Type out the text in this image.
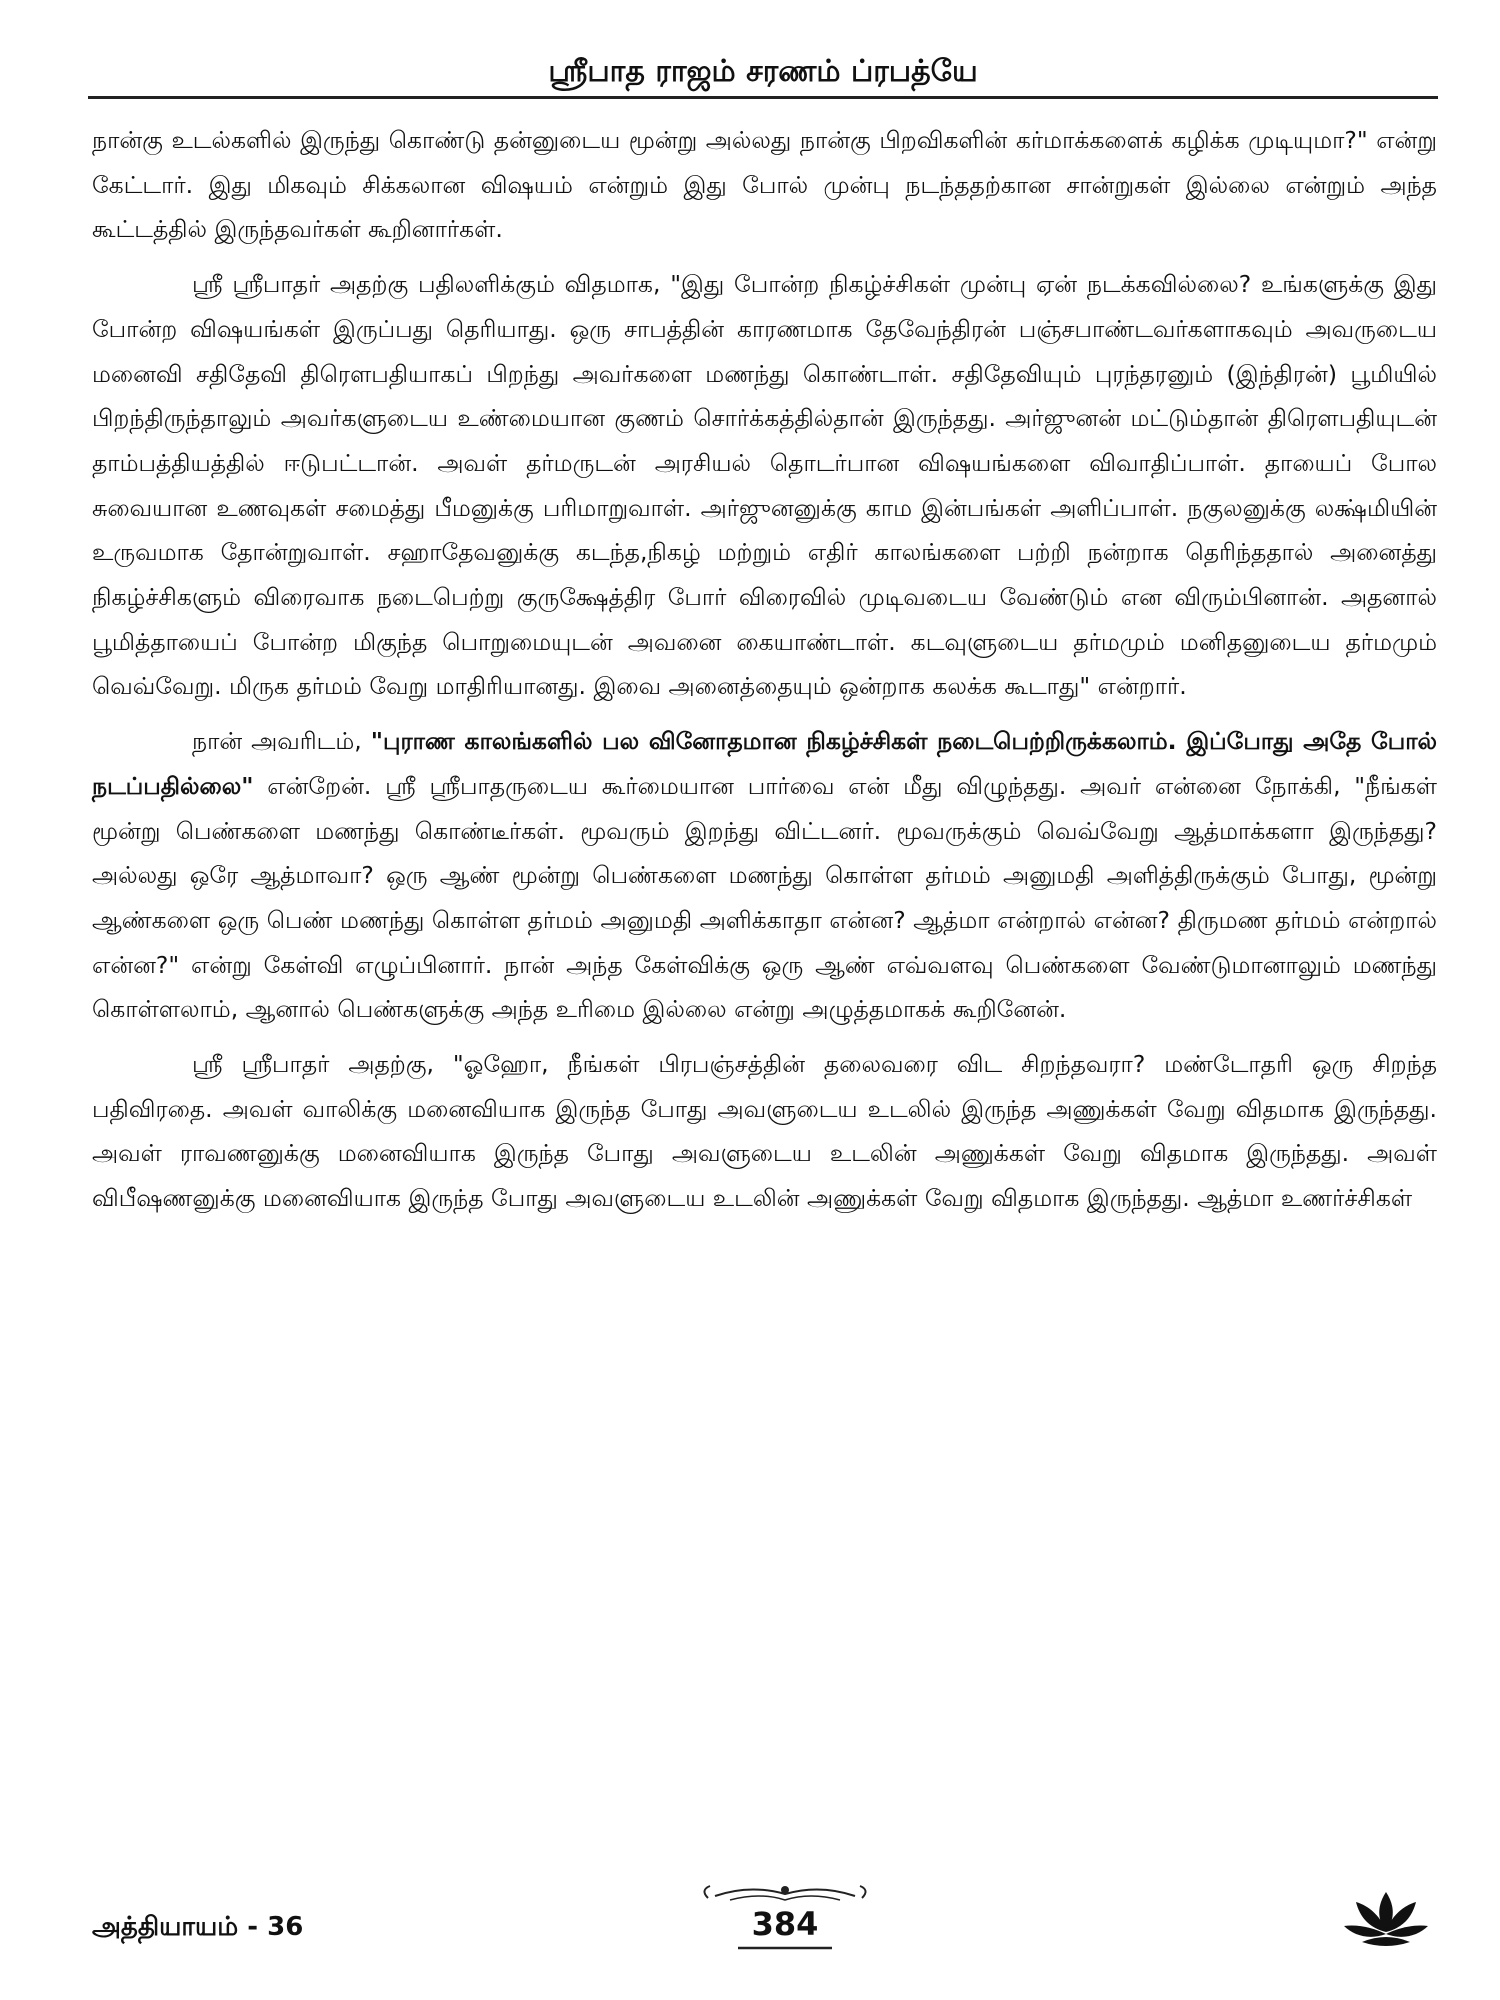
ஸ்ரீபாத ராஜம் சரணம் ப்ரபத்யே

நான்கு உடல்களில் இருந்து கொண்டு தன்னுடைய மூன்று அல்லது நான்கு பிறவிகளின் கர்மாக்களைக் கழிக்க முடியுமா?" என்று கேட்டார். இது மிகவும் சிக்கலான விஷயம் என்றும் இது போல் முன்பு நடந்ததற்கான சான்றுகள் இல்லை என்றும் அந்த கூட்டத்தில் இருந்தவர்கள் கூறினார்கள்.

ஸ்ரீ ஸ்ரீபாதர் அதற்கு பதிலளிக்கும் விதமாக, "இது போன்ற நிகழ்ச்சிகள் முன்பு ஏன் நடக்கவில்லை? உங்களுக்கு இது போன்ற விஷயங்கள் இருப்பது தெரியாது. ஒரு சாபத்தின் காரணமாக தேவேந்திரன் பஞ்சபாண்டவர்களாகவும் அவருடைய மனைவி சதிதேவி திரௌபதியாகப் பிறந்து அவர்களை மணந்து கொண்டாள். சதிதேவியும் புரந்தரனும் (இந்திரன்) பூமியில் பிறந்திருந்தாலும் அவர்களுடைய உண்மையான குணம் சொர்க்கத்தில்தான் இருந்தது. அர்ஜுனன் மட்டும்தான் திரௌபதியுடன் தாம்பத்தியத்தில் ஈடுபட்டான். அவள் தர்மருடன் அரசியல் தொடர்பான விஷயங்களை விவாதிப்பாள். தாயைப் போல சுவையான உணவுகள் சமைத்து பீமனுக்கு பரிமாறுவாள். அர்ஜுனனுக்கு காம இன்பங்கள் அளிப்பாள். நகுலனுக்கு லக்ஷ்மியின் உருவமாக தோன்றுவாள். சஹாதேவனுக்கு கடந்த,நிகழ் மற்றும் எதிர் காலங்களை பற்றி நன்றாக தெரிந்ததால் அனைத்து நிகழ்ச்சிகளும் விரைவாக நடைபெற்று குருக்ஷேத்திர போர் விரைவில் முடிவடைய வேண்டும் என விரும்பினான். அதனால் பூமித்தாயைப் போன்ற மிகுந்த பொறுமையுடன் அவனை கையாண்டாள். கடவுளுடைய தர்மமும் மனிதனுடைய தர்மமும் வெவ்வேறு. மிருக தர்மம் வேறு மாதிரியானது. இவை அனைத்தையும் ஒன்றாக கலக்க கூடாது" என்றார்.

நான் அவரிடம், "புராண காலங்களில் பல வினோதமான நிகழ்ச்சிகள் நடைபெற்றிருக்கலாம். இப்போது அதே போல் நடப்பதில்லை" என்றேன். ஸ்ரீ ஸ்ரீபாதருடைய கூர்மையான பார்வை என் மீது விழுந்தது. அவர் என்னை நோக்கி, "நீங்கள் மூன்று பெண்களை மணந்து கொண்டீர்கள். மூவரும் இறந்து விட்டனர். மூவருக்கும் வெவ்வேறு ஆத்மாக்களா இருந்தது? அல்லது ஒரே ஆத்மாவா? ஒரு ஆண் மூன்று பெண்களை மணந்து கொள்ள தர்மம் அனுமதி அளித்திருக்கும் போது, மூன்று ஆண்களை ஒரு பெண் மணந்து கொள்ள தர்மம் அனுமதி அளிக்காதா என்ன? ஆத்மா என்றால் என்ன? திருமண தர்மம் என்றால் என்ன?" என்று கேள்வி எழுப்பினார். நான் அந்த கேள்விக்கு ஒரு ஆண் எவ்வளவு பெண்களை வேண்டுமானாலும் மணந்து கொள்ளலாம், ஆனால் பெண்களுக்கு அந்த உரிமை இல்லை என்று அழுத்தமாகக் கூறினேன்.

ஸ்ரீ ஸ்ரீபாதர் அதற்கு, "ஓஹோ, நீங்கள் பிரபஞ்சத்தின் தலைவரை விட சிறந்தவரா? மண்டோதரி ஒரு சிறந்த பதிவிரதை. அவள் வாலிக்கு மனைவியாக இருந்த போது அவளுடைய உடலில் இருந்த அணுக்கள் வேறு விதமாக இருந்தது. அவள் ராவணனுக்கு மனைவியாக இருந்த போது அவளுடைய உடலின் அணுக்கள் வேறு விதமாக இருந்தது. அவள் விபீஷணனுக்கு மனைவியாக இருந்த போது அவளுடைய உடலின் அணுக்கள் வேறு விதமாக இருந்தது. ஆத்மா உணர்ச்சிகள்

அத்தியாயம் - 36	384
